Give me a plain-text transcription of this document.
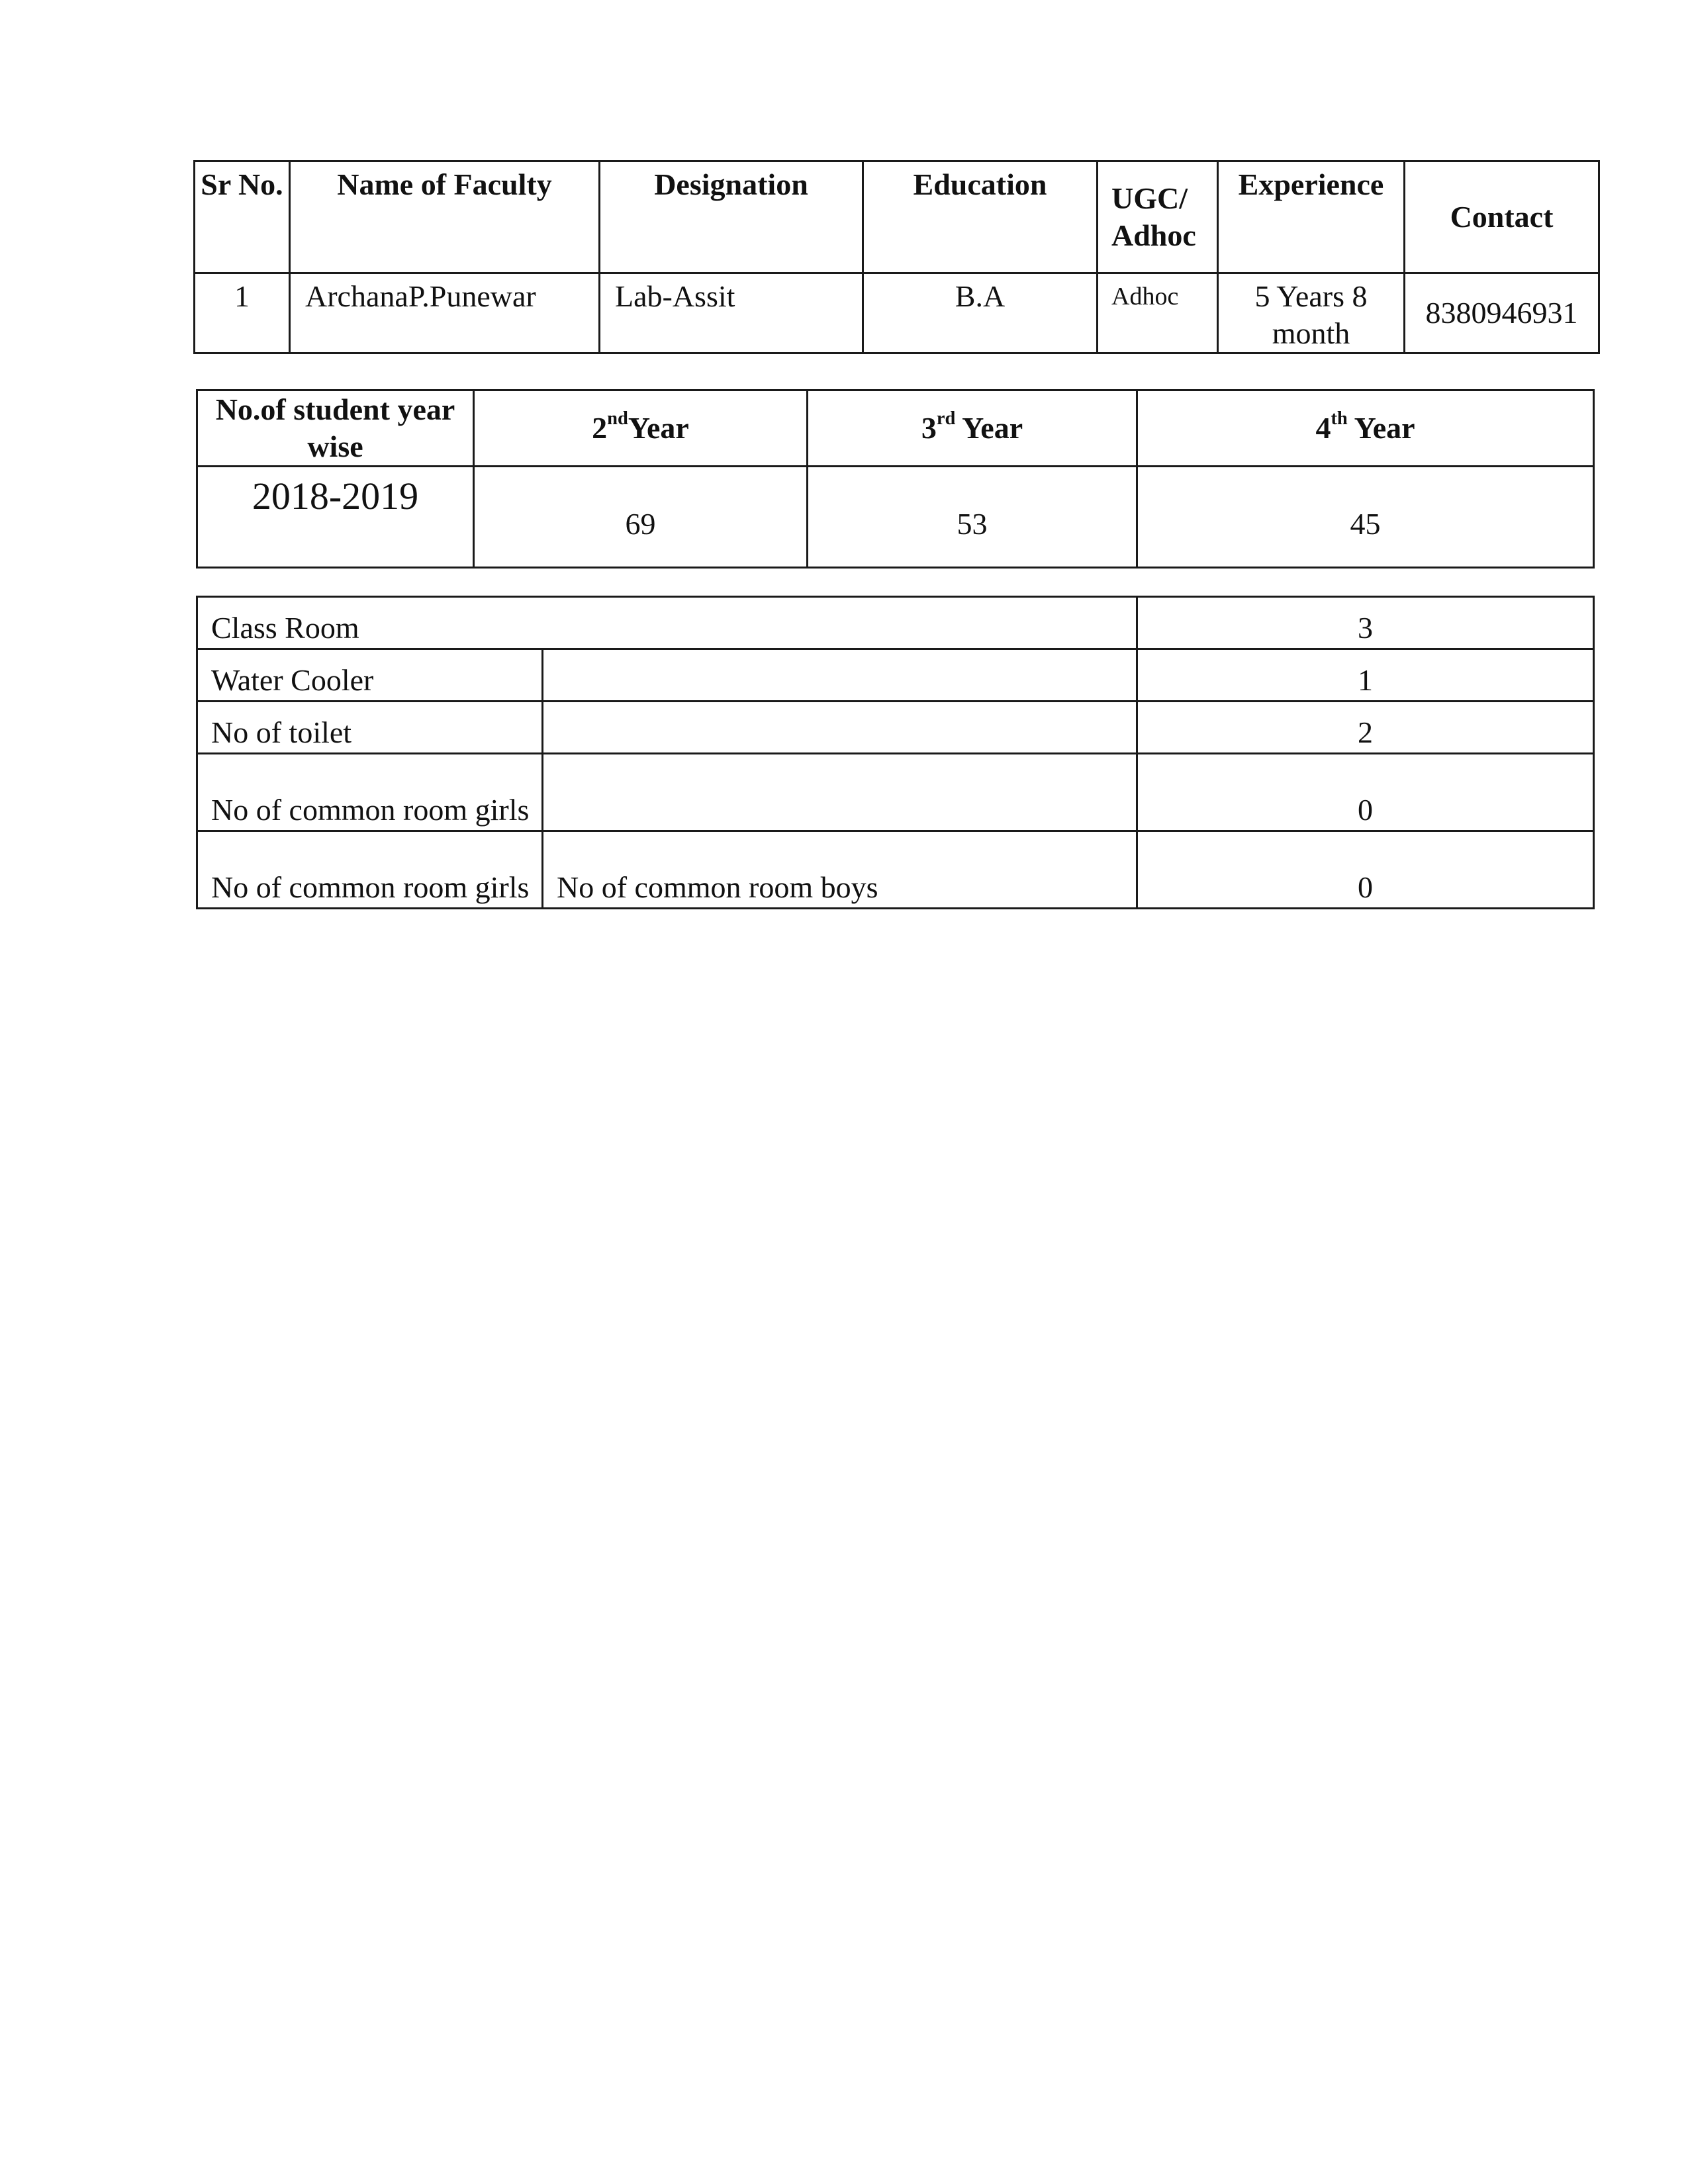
Sr No.	Name of Faculty	Designation	Education	UGC/ Adhoc	Experience	Contact
1	ArchanaP.Punewar	Lab-Assit	B.A	Adhoc	5 Years 8 month	8380946931
No.of student year wise	2ndYear	3rd Year	4th Year
2018-2019	69	53	45
Class Room		3
Water Cooler		1
No of toilet		2
No of common room girls		0
No of common room girls	No of common room boys	0
